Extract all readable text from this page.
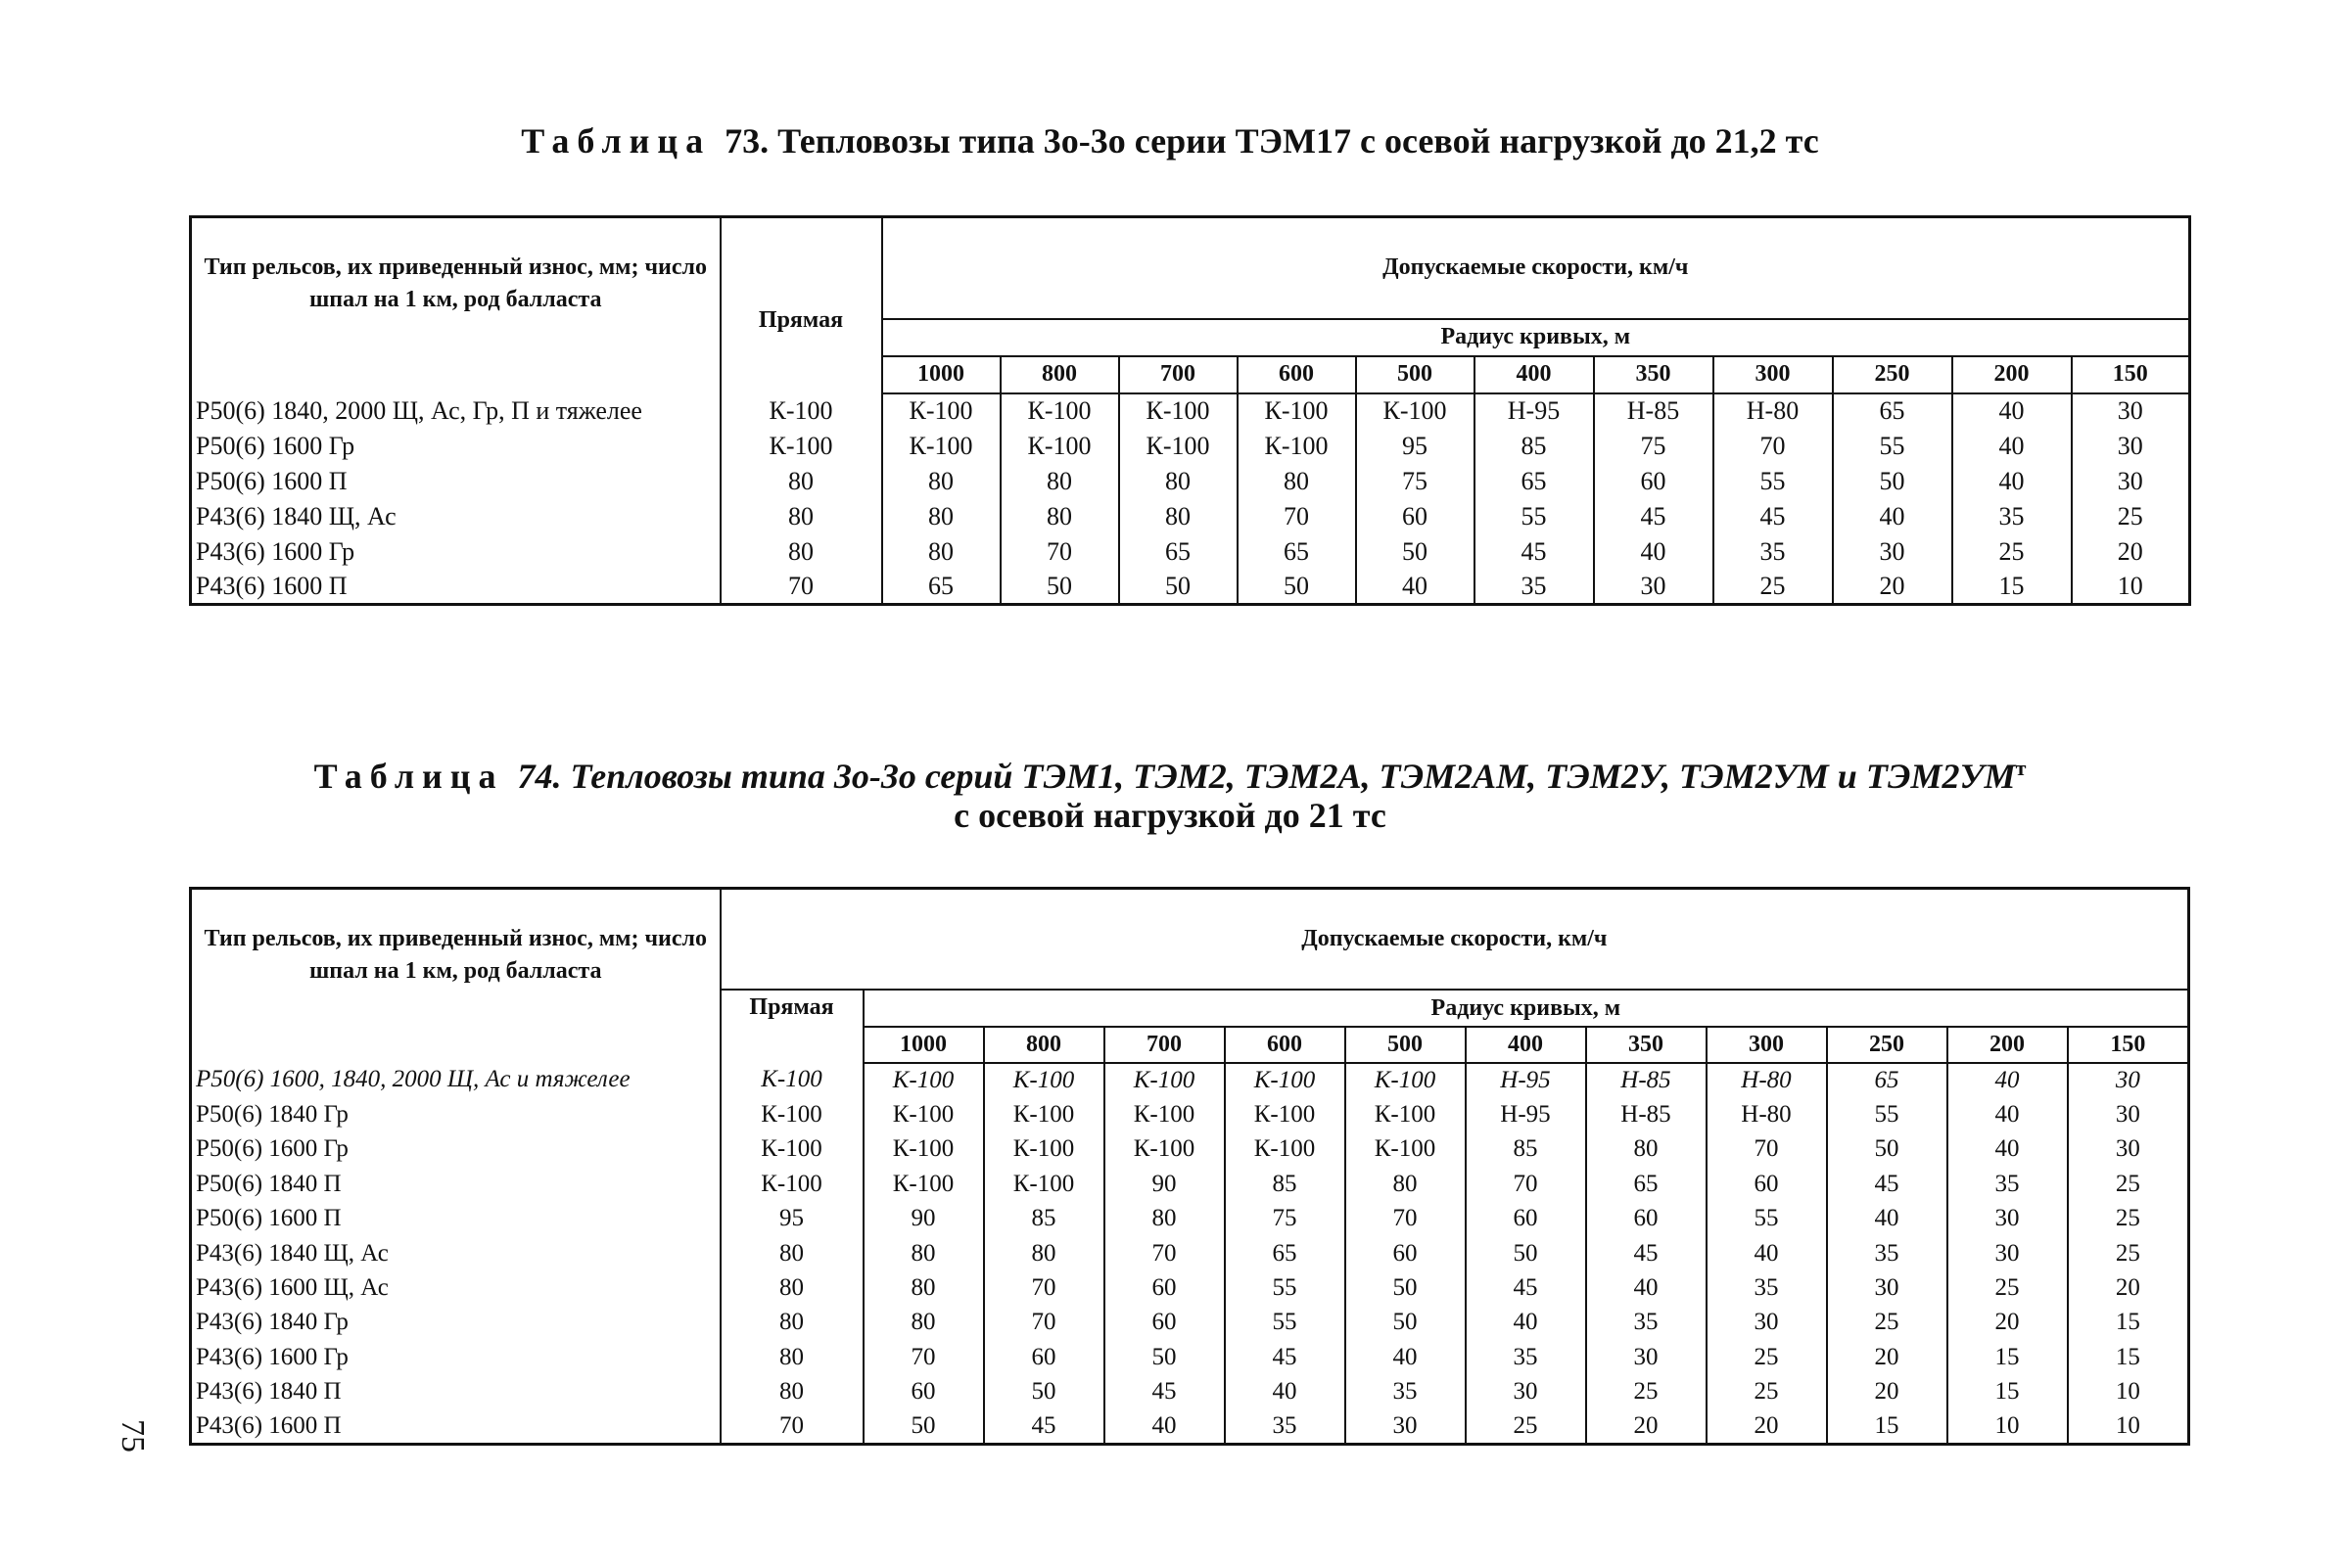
Таблица 73. Тепловозы типа 3о-3о серии ТЭМ17 с осевой нагрузкой до 21,2 тс
Тип рельсов, их приведенный износ, мм; число шпал на 1 км, род балласта	Прямая	Допускаемые скорости, км/ч										
		Радиус кривых, м										
		1000	800	700	600	500	400	350	300	250	200	150
Р50(6) 1840, 2000 Щ, Ас, Гр, П и тяжелее	К-100	К-100	К-100	К-100	К-100	К-100	Н-95	Н-85	Н-80	65	40	30
Р50(6) 1600 Гр	К-100	К-100	К-100	К-100	К-100	95	85	75	70	55	40	30
Р50(6) 1600 П	80	80	80	80	80	75	65	60	55	50	40	30
Р43(6) 1840 Щ, Ас	80	80	80	80	70	60	55	45	45	40	35	25
Р43(6) 1600 Гр	80	80	70	65	65	50	45	40	35	30	25	20
Р43(6) 1600 П	70	65	50	50	50	40	35	30	25	20	15	10
Таблица 74. Тепловозы типа 3о-3о серий ТЭМ1, ТЭМ2, ТЭМ2А, ТЭМ2АМ, ТЭМ2У, ТЭМ2УМ и $ТЭМ2УМ^т$
с осевой нагрузкой до 21 тс
Тип рельсов, их приведенный износ, мм; число шпал на 1 км, род балласта	Допускаемые скорости, км/ч											
	Прямая	Радиус кривых, м										
		1000	800	700	600	500	400	350	300	250	200	150
Р50(6) 1600, 1840, 2000 Щ, Ас и тяжелее	К-100	К-100	К-100	К-100	К-100	К-100	Н-95	Н-85	Н-80	65	40	30
Р50(6) 1840 Гр	К-100	К-100	К-100	К-100	К-100	К-100	Н-95	Н-85	Н-80	55	40	30
Р50(6) 1600 Гр	К-100	К-100	К-100	К-100	К-100	К-100	85	80	70	50	40	30
Р50(6) 1840 П	К-100	К-100	К-100	90	85	80	70	65	60	45	35	25
Р50(6) 1600 П	95	90	85	80	75	70	60	60	55	40	30	25
Р43(6) 1840 Щ, Ас	80	80	80	70	65	60	50	45	40	35	30	25
Р43(6) 1600 Щ, Ас	80	80	70	60	55	50	45	40	35	30	25	20
Р43(6) 1840 Гр	80	80	70	60	55	50	40	35	30	25	20	15
Р43(6) 1600 Гр	80	70	60	50	45	40	35	30	25	20	15	15
Р43(6) 1840 П	80	60	50	45	40	35	30	25	25	20	15	10
Р43(6) 1600 П	70	50	45	40	35	30	25	20	20	15	10	10
75
